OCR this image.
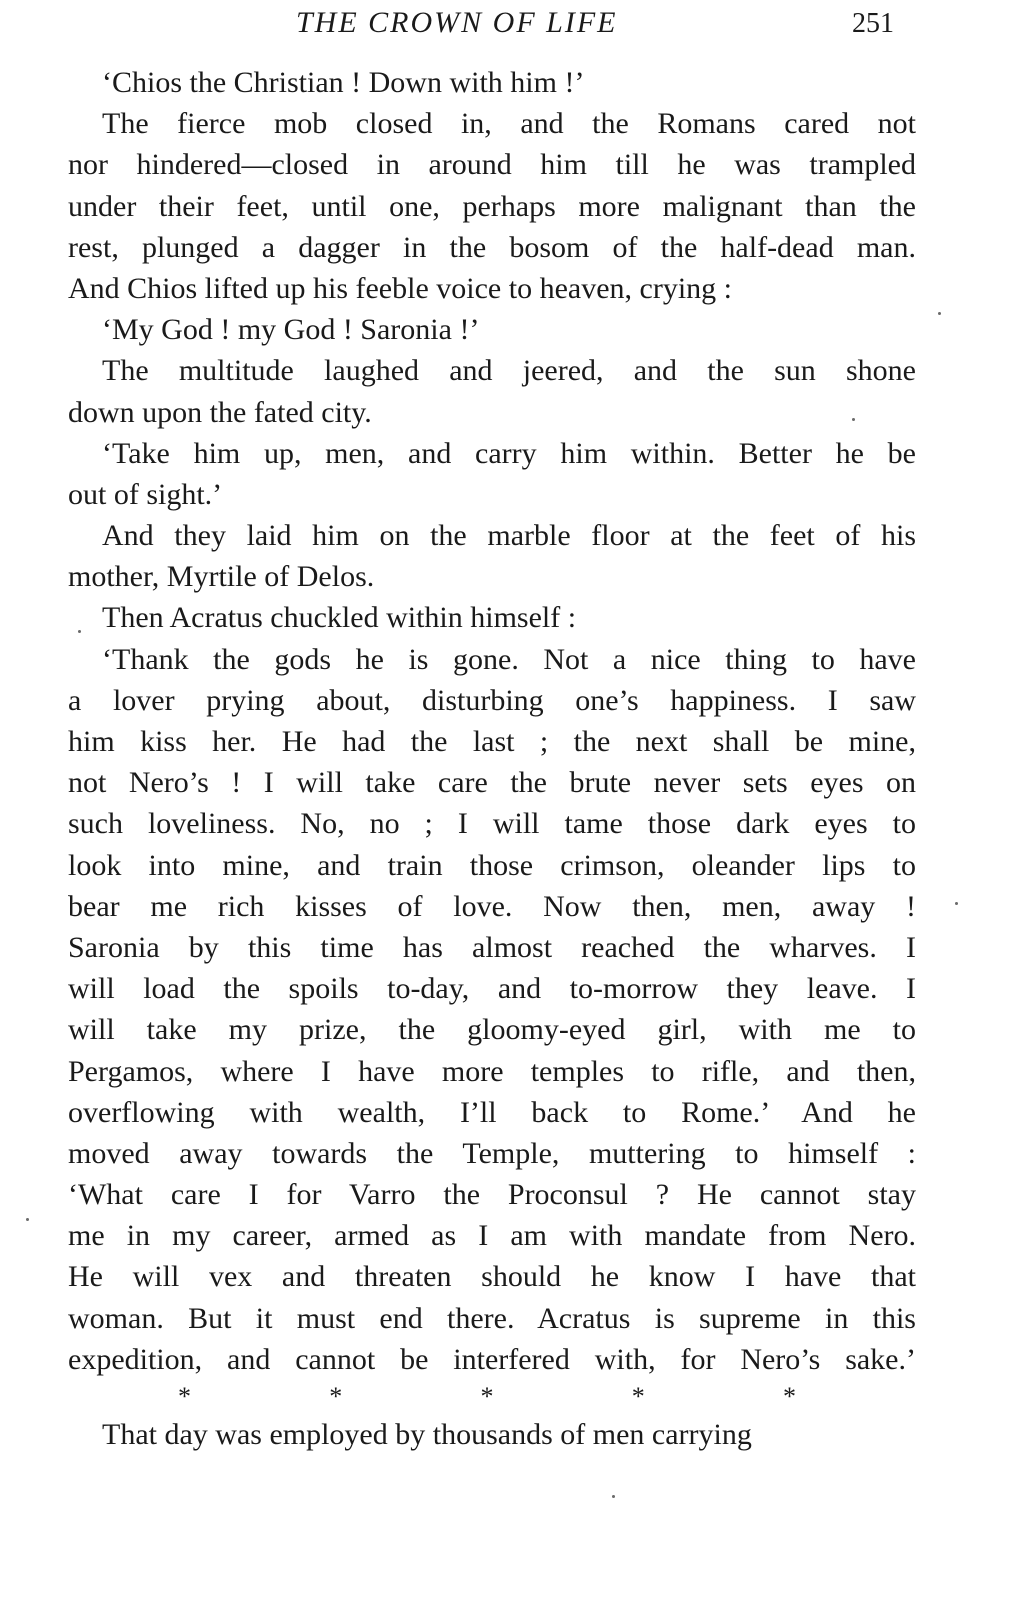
THE CROWN OF LIFE	251
‘Chios the Christian ! Down with him !’
The fierce mob closed in, and the Romans cared not
nor hindered—closed in around him till he was trampled
under their feet, until one, perhaps more malignant than the
rest, plunged a dagger in the bosom of the half-dead man.
And Chios lifted up his feeble voice to heaven, crying :
‘My God ! my God ! Saronia !’
The multitude laughed and jeered, and the sun shone
down upon the fated city.
‘Take him up, men, and carry him within. Better he be
out of sight.’
And they laid him on the marble floor at the feet of his
mother, Myrtile of Delos.
Then Acratus chuckled within himself :
‘Thank the gods he is gone. Not a nice thing to have
a lover prying about, disturbing one’s happiness. I saw
him kiss her. He had the last ; the next shall be mine,
not Nero’s ! I will take care the brute never sets eyes on
such loveliness. No, no ; I will tame those dark eyes to
look into mine, and train those crimson, oleander lips to
bear me rich kisses of love. Now then, men, away !
Saronia by this time has almost reached the wharves. I
will load the spoils to-day, and to-morrow they leave. I
will take my prize, the gloomy-eyed girl, with me to
Pergamos, where I have more temples to rifle, and then,
overflowing with wealth, I’ll back to Rome.’ And he
moved away towards the Temple, muttering to himself :
‘What care I for Varro the Proconsul ? He cannot stay
me in my career, armed as I am with mandate from Nero.
He will vex and threaten should he know I have that
woman. But it must end there. Acratus is supreme in this
expedition, and cannot be interfered with, for Nero’s sake.’
*	*	*	*	*
That day was employed by thousands of men carrying
